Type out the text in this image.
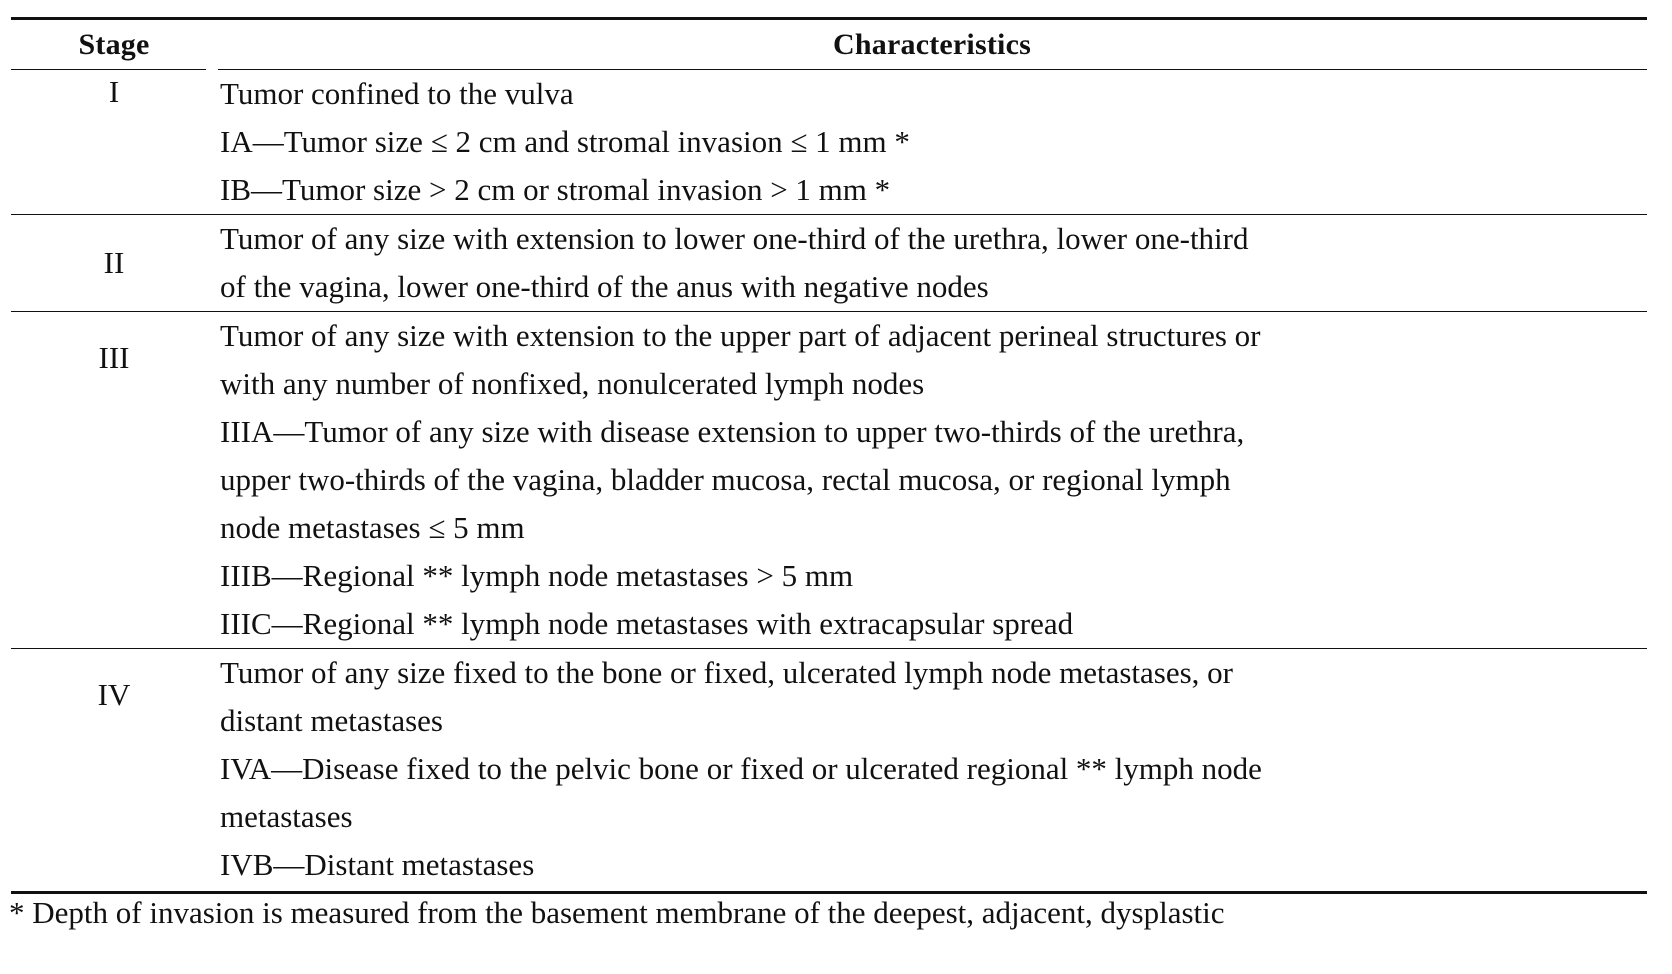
Stage	Characteristics
I	Tumor confined to the vulva
IA—Tumor size ≤ 2 cm and stromal invasion ≤ 1 mm *
IB—Tumor size > 2 cm or stromal invasion > 1 mm *
II
Tumor of any size with extension to lower one-third of the urethra, lower one-third
of the vagina, lower one-third of the anus with negative nodes
III
Tumor of any size with extension to the upper part of adjacent perineal structures or
with any number of nonfixed, nonulcerated lymph nodes
IIIA—Tumor of any size with disease extension to upper two-thirds of the urethra,
upper two-thirds of the vagina, bladder mucosa, rectal mucosa, or regional lymph
node metastases ≤ 5 mm
IIIB—Regional ** lymph node metastases > 5 mm
IIIC—Regional ** lymph node metastases with extracapsular spread
IV
Tumor of any size fixed to the bone or fixed, ulcerated lymph node metastases, or
distant metastases
IVA—Disease fixed to the pelvic bone or fixed or ulcerated regional ** lymph node
metastases
IVB—Distant metastases
* Depth of invasion is measured from the basement membrane of the deepest, adjacent, dysplastic
